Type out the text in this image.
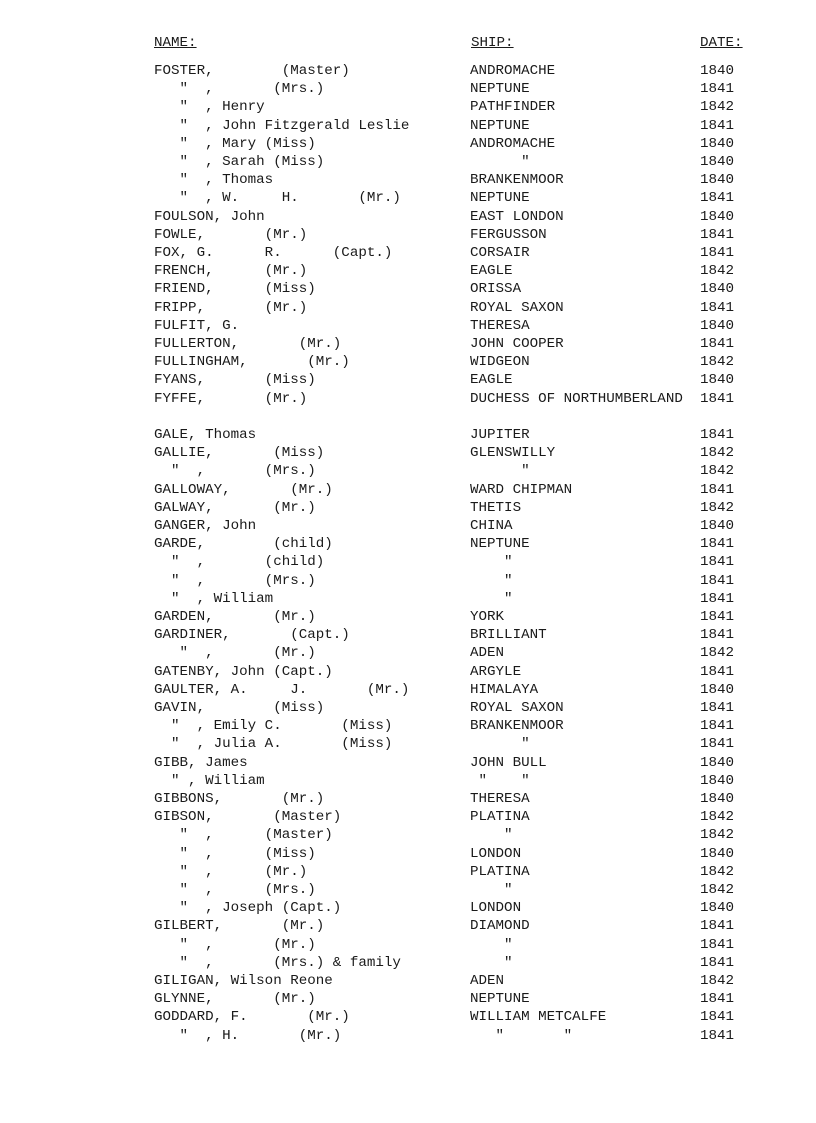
NAME:	SHIP:	DATE:
FOSTER,        (Master)	ANDROMACHE	1840
"  ,       (Mrs.)	NEPTUNE	1841
"  , Henry	PATHFINDER	1842
"  , John Fitzgerald Leslie	NEPTUNE	1841
"  , Mary (Miss)	ANDROMACHE	1840
"  , Sarah (Miss)	"	1840
"  , Thomas	BRANKENMOOR	1840
"  , W.     H.       (Mr.)	NEPTUNE	1841
FOULSON, John	EAST LONDON	1840
FOWLE,       (Mr.)	FERGUSSON	1841
FOX, G.      R.      (Capt.)	CORSAIR	1841
FRENCH,      (Mr.)	EAGLE	1842
FRIEND,      (Miss)	ORISSA	1840
FRIPP,       (Mr.)	ROYAL SAXON	1841
FULFIT, G.	THERESA	1840
FULLERTON,       (Mr.)	JOHN COOPER	1841
FULLINGHAM,       (Mr.)	WIDGEON	1842
FYANS,       (Miss)	EAGLE	1840
FYFFE,       (Mr.)	DUCHESS OF NORTHUMBERLAND 1841
GALE, Thomas	JUPITER	1841
GALLIE,       (Miss)	GLENSWILLY	1842
"  ,       (Mrs.)	"	1842
GALLOWAY,       (Mr.)	WARD CHIPMAN	1841
GALWAY,       (Mr.)	THETIS	1842
GANGER, John	CHINA	1840
GARDE,        (child)	NEPTUNE	1841
"  ,       (child)	"	1841
"  ,       (Mrs.)	"	1841
"  , William	"	1841
GARDEN,       (Mr.)	YORK	1841
GARDINER,       (Capt.)	BRILLIANT	1841
"  ,       (Mr.)	ADEN	1842
GATENBY, John (Capt.)	ARGYLE	1841
GAULTER, A.     J.       (Mr.)	HIMALAYA	1840
GAVIN,        (Miss)	ROYAL SAXON	1841
"  , Emily C.       (Miss)	BRANKENMOOR	1841
"  , Julia A.       (Miss)	"	1841
GIBB, James	JOHN BULL	1840
" , William	"    "	1840
GIBBONS,       (Mr.)	THERESA	1840
GIBSON,       (Master)	PLATINA	1842
"  ,      (Master)	"	1842
"  ,      (Miss)	LONDON	1840
"  ,      (Mr.)	PLATINA	1842
"  ,      (Mrs.)	"	1842
"  , Joseph (Capt.)	LONDON	1840
GILBERT,       (Mr.)	DIAMOND	1841
"  ,       (Mr.)	"	1841
"  ,       (Mrs.) & family	"	1841
GILIGAN, Wilson Reone	ADEN	1842
GLYNNE,       (Mr.)	NEPTUNE	1841
GODDARD, F.       (Mr.)	WILLIAM METCALFE	1841
"  , H.       (Mr.)	"       "	1841
